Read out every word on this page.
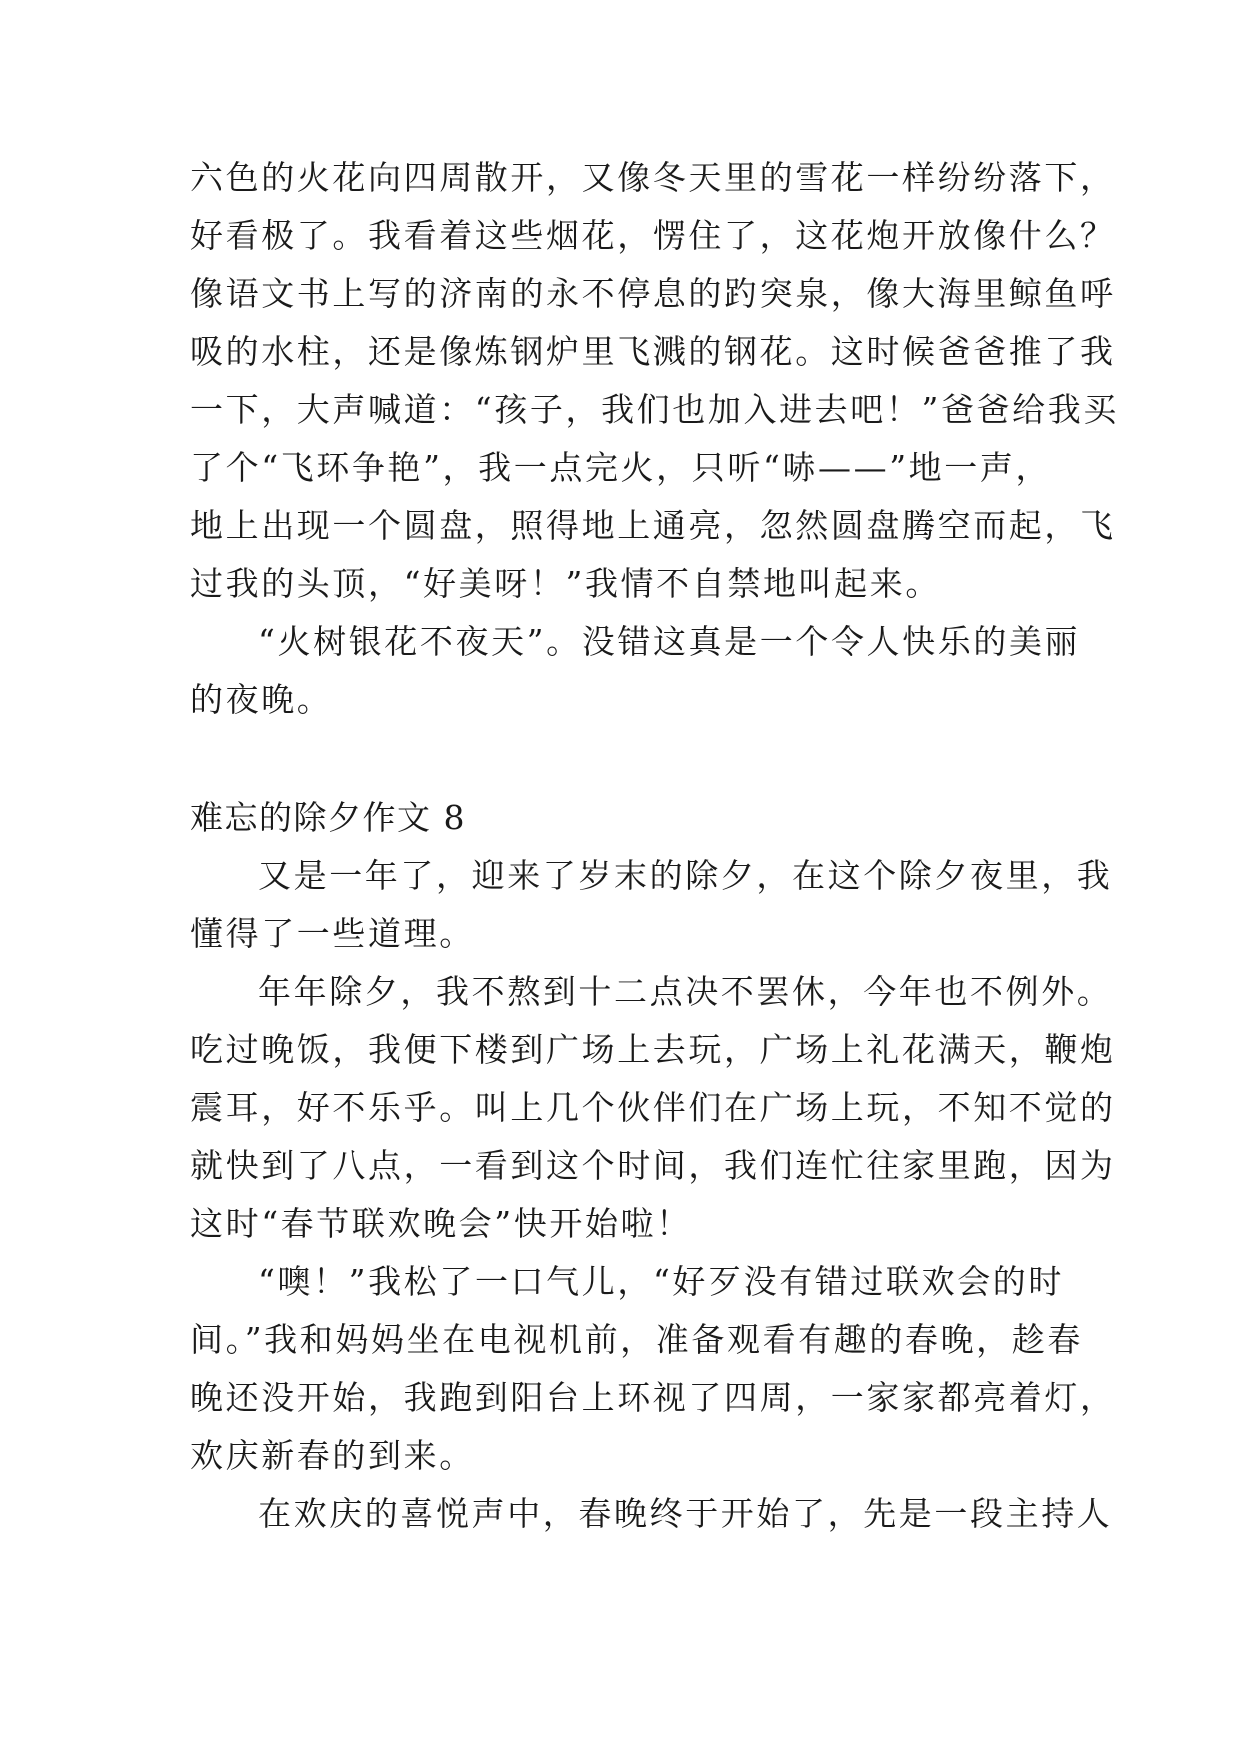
六色的火花向四周散开，又像冬天里的雪花一样纷纷落下，
好看极了。我看着这些烟花，愣住了，这花炮开放像什么？
像语文书上写的济南的永不停息的趵突泉，像大海里鲸鱼呼
吸的水柱，还是像炼钢炉里飞溅的钢花。这时候爸爸推了我
一下，大声喊道：“孩子，我们也加入进去吧！”爸爸给我买
了个“飞环争艳”，我一点完火，只听“哧——”地一声，
地上出现一个圆盘，照得地上通亮，忽然圆盘腾空而起，飞
过我的头顶，“好美呀！”我情不自禁地叫起来。
“火树银花不夜天”。没错这真是一个令人快乐的美丽
的夜晚。
难忘的除夕作文 8
又是一年了，迎来了岁末的除夕，在这个除夕夜里，我
懂得了一些道理。
年年除夕，我不熬到十二点决不罢休，今年也不例外。
吃过晚饭，我便下楼到广场上去玩，广场上礼花满天，鞭炮
震耳，好不乐乎。叫上几个伙伴们在广场上玩，不知不觉的
就快到了八点，一看到这个时间，我们连忙往家里跑，因为
这时“春节联欢晚会”快开始啦！
“噢！”我松了一口气儿，“好歹没有错过联欢会的时
间。”我和妈妈坐在电视机前，准备观看有趣的春晚，趁春
晚还没开始，我跑到阳台上环视了四周，一家家都亮着灯，
欢庆新春的到来。
在欢庆的喜悦声中，春晚终于开始了，先是一段主持人
